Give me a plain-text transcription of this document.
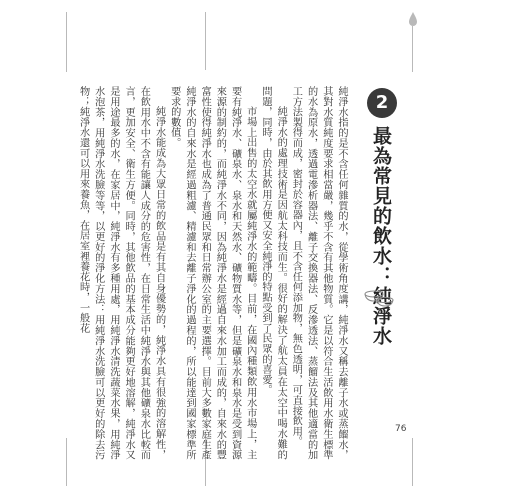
純淨水指的是不含任何雜質的水，從學術角度講，純淨水又稱去離子水或蒸餾水，其對水質純度要求相當嚴，幾乎不含有其他物質。它是以符合生活飲用水衛生標準的水為原水，透過電滲析器法、離子交換器法、反滲透法、蒸餾法及其他適當的加工方法製得而成，密封於容器內，且不含任何添加物，無色透明，可直接飲用。

純淨水的處理技術是因航太科技而生。很好的解決了航太員在太空中喝水難的問題，同時，由於其飲用方便又安全純淨的特點受到了民眾的喜愛。

市場上出售的太空水就屬純淨水的範疇。目前，在國內種類飲用水市場上，主要有純淨水、礦泉水、泉水和天然水、礦物質水等，但是礦泉水和泉水是受到資源來源的制約的，而純淨水不同，因為純淨水是經過自來水加工而成的，自來水的豐富性使得純淨水也成為了普通民眾和日常辦公室的主要選擇。目前大多數家庭生產純淨水的自來水是經過粗濾、精濾和去離子淨化的過程的，所以能達到國家標準所要求的數值。

純淨水能成為大眾日常的飲品是有其自身優勢的，純淨水具有很強的溶解性，在飲用水中不含有能讓人成分的危害性，在日常生活中純淨水與其他礦泉水比較而言，更加安全、衛生方便。同時，其他飲品的基本成分能夠更好地溶解，純淨水又是用途最多的水，在家居中，純淨水有多種用處，用純淨水清洗蔬菜水果，用純淨水泡茶，用純淨水洗臉等等，以更好的淨化方法：用純淨水洗臉可以更好的除去污物；純淨水還可以用來養魚，在居室裡養花時，一般花	2
最為常見的飲水：純淨水
76
